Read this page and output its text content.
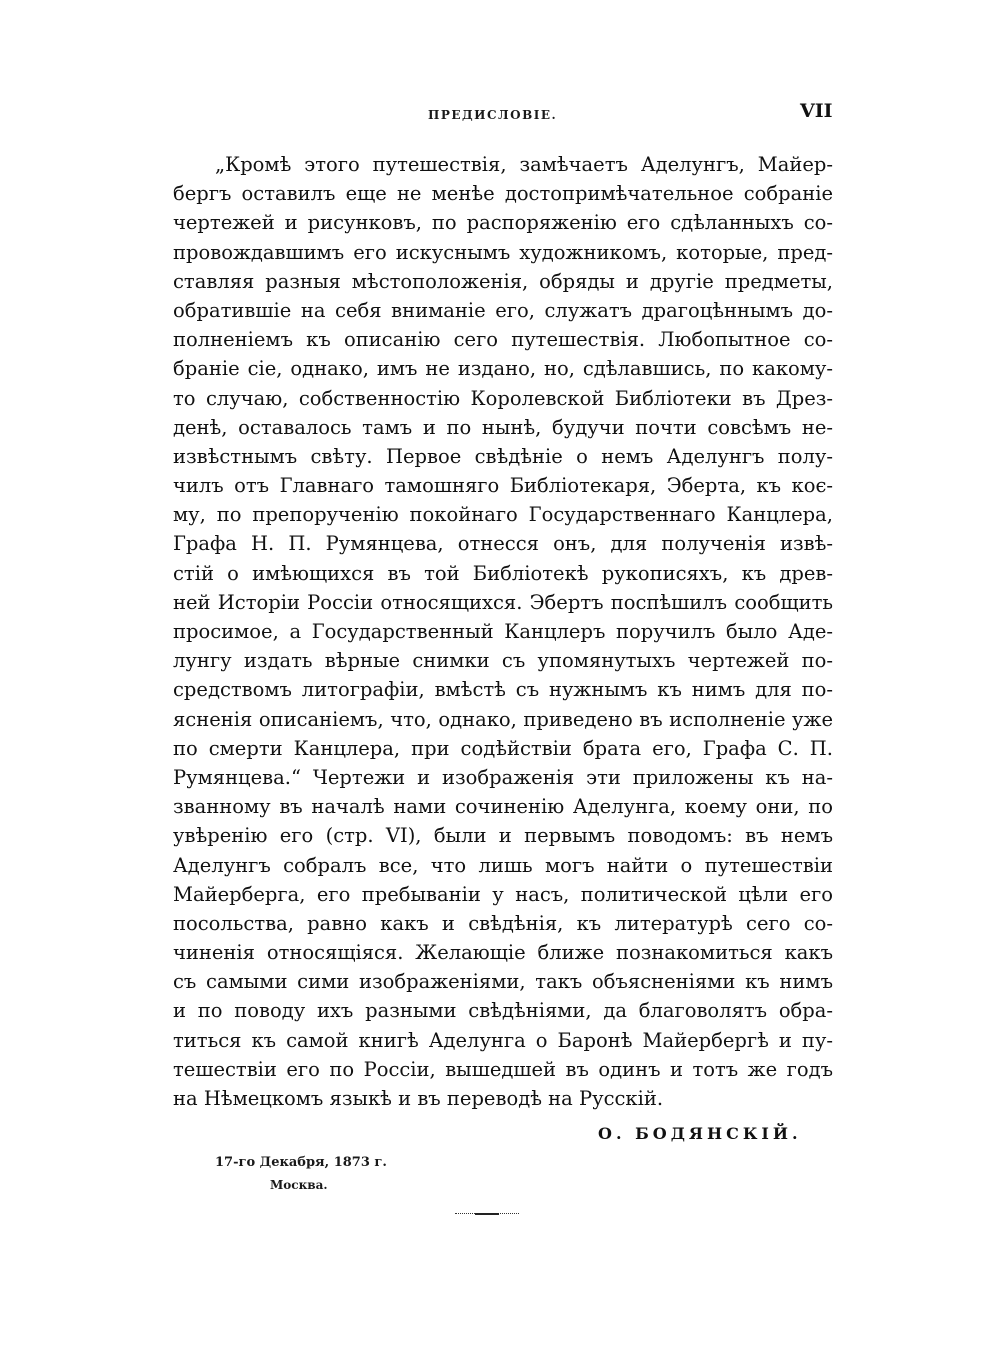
ПРЕДИСЛОВІЕ.	VII
„Кромѣ этого путешествія, замѣчаетъ Аделунгъ, Майер-
бергъ оставилъ еще не менѣе достопримѣчательное собраніе
чертежей и рисунковъ, по распоряженію его сдѣланныхъ со-
провождавшимъ его искуснымъ художникомъ, которые, пред-
ставляя разныя мѣстоположенія, обряды и другіе предметы,
обратившіе на себя вниманіе его, служатъ драгоцѣннымъ до-
полненіемъ къ описанію сего путешествія. Любопытное со-
браніе сіе, однако, имъ не издано, но, сдѣлавшись, по какому-
то случаю, собственностію Королевской Библіотеки въ Дрез-
денѣ, оставалось тамъ и по нынѣ, будучи почти совсѣмъ не-
извѣстнымъ свѣту. Первое свѣдѣніе о немъ Аделунгъ полу-
чилъ отъ Главнаго тамошняго Библіотекаря, Эберта, къ коє-
му, по препорученію покойнаго Государственнаго Канцлера,
Графа Н. П. Румянцева, отнесся онъ, для полученія извѣ-
стій о имѣющихся въ той Библіотекѣ рукописяхъ, къ древ-
ней Исторіи Россіи относящихся. Эбертъ поспѣшилъ сообщить
просимое, а Государственный Канцлеръ поручилъ было Аде-
лунгу издать вѣрные снимки съ упомянутыхъ чертежей по-
средствомъ литографіи, вмѣстѣ съ нужнымъ къ нимъ для по-
ясненія описаніемъ, что, однако, приведено въ исполненіе уже
по смерти Канцлера, при содѣйствіи брата его, Графа С. П.
Румянцева.“ Чертежи и изображенія эти приложены къ на-
званному въ началѣ нами сочиненію Аделунга, коему они, по
увѣренію его (стр. VI), были и первымъ поводомъ: въ немъ
Аделунгъ собралъ все, что лишь могъ найти о путешествіи
Майерберга, его пребываніи у насъ, политической цѣли его
посольства, равно какъ и свѣдѣнія, къ литературѣ сего со-
чиненія относящіяся. Желающіе ближе познакомиться какъ
съ самыми сими изображеніями, такъ объясненіями къ нимъ
и по поводу ихъ разными свѣдѣніями, да благоволятъ обра-
титься къ самой книгѣ Аделунга о Баронѣ Майербергѣ и пу-
тешествіи его по Россіи, вышедшей въ одинъ и тотъ же годъ
на Нѣмецкомъ языкѣ и въ переводѣ на Русскій.
О. БОДЯНСКІЙ.
17-го Декабря, 1873 г.
Москва.
